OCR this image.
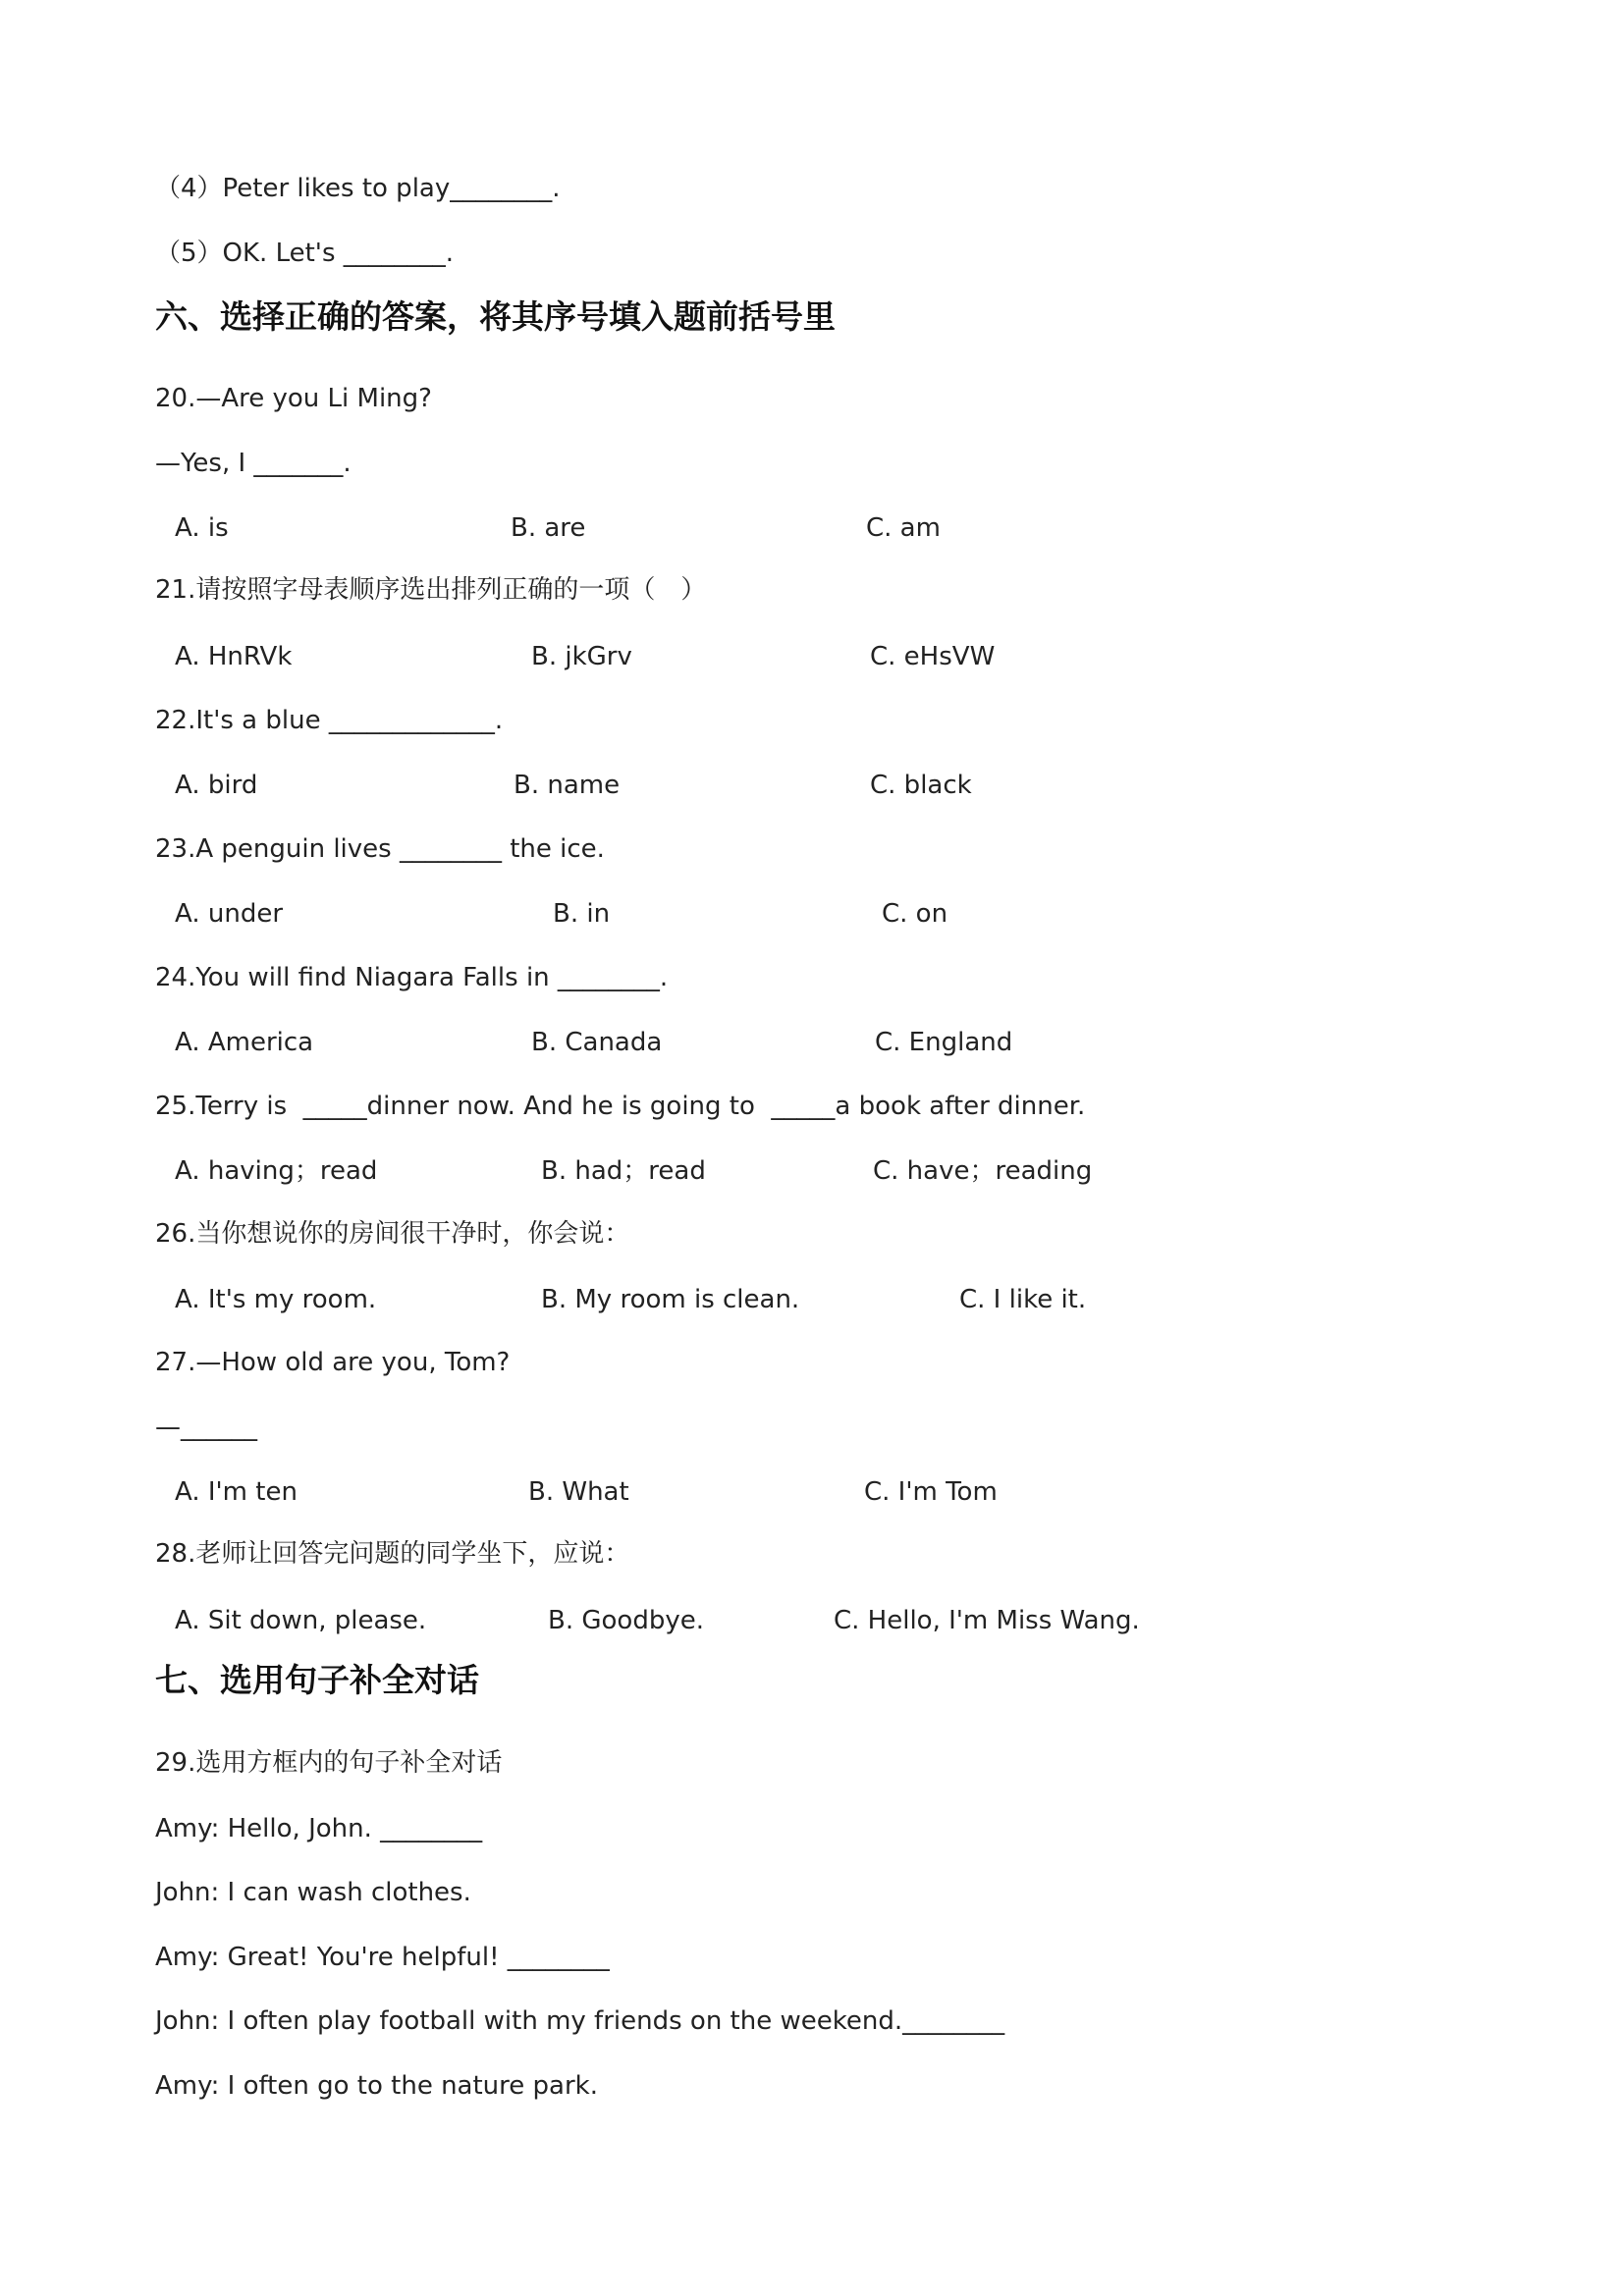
（4）Peter likes to play________.
（5）OK. Let's ________.
六、选择正确的答案，将其序号填入题前括号里
20.—Are you Li Ming?
—Yes, I _______.
A. is	B. are	C. am
21.请按照字母表顺序选出排列正确的一项（　）
A. HnRVk	B. jkGrv	C. eHsVW
22.It's a blue _____________.
A. bird	B. name	C. black
23.A penguin lives ________ the ice.
A. under	B. in	C. on
24.You will find Niagara Falls in ________.
A. America	B. Canada	C. England
25.Terry is  _____dinner now. And he is going to  _____a book after dinner.
A. having；read	B. had；read	C. have；reading
26.当你想说你的房间很干净时，你会说：
A. It's my room.	B. My room is clean.	C. I like it.
27.—How old are you, Tom?
—______
A. I'm ten	B. What	C. I'm Tom
28.老师让回答完问题的同学坐下，应说：
A. Sit down, please.	B. Goodbye.	C. Hello, I'm Miss Wang.
七、选用句子补全对话
29.选用方框内的句子补全对话
Amy: Hello, John. ________
John: I can wash clothes.
Amy: Great! You're helpful! ________
John: I often play football with my friends on the weekend.________
Amy: I often go to the nature park.
